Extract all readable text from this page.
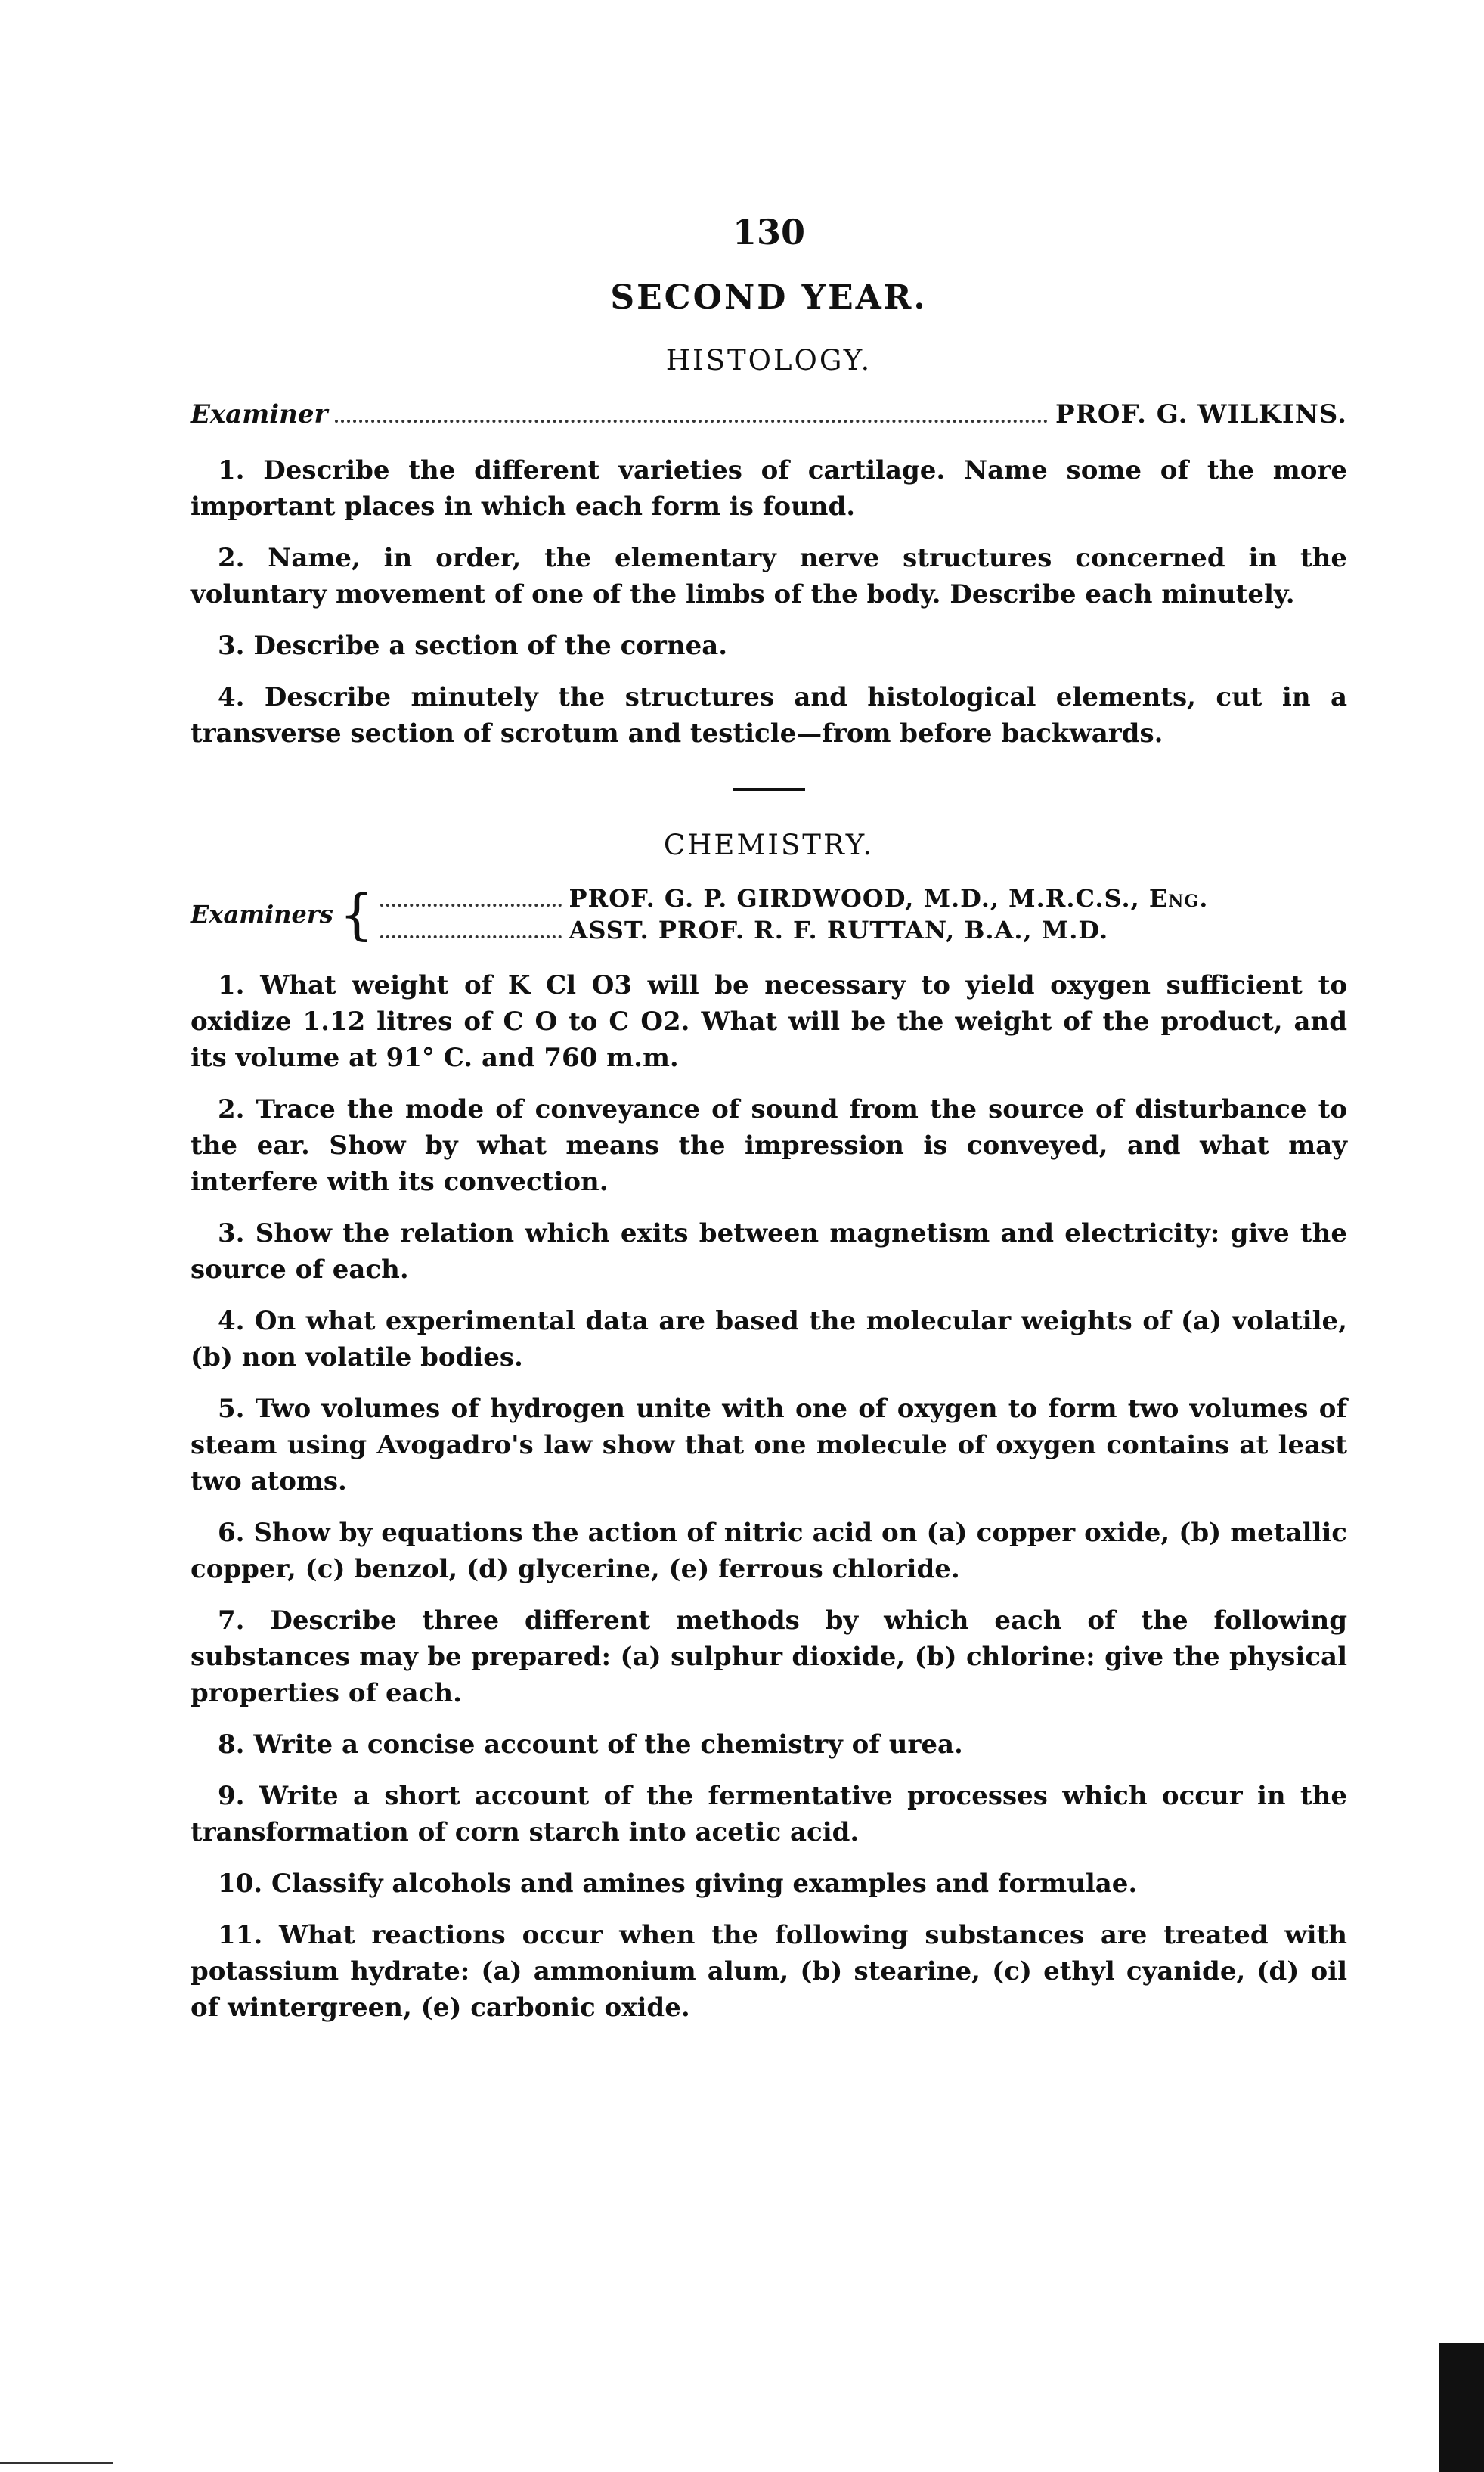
130
SECOND YEAR.
HISTOLOGY.
Examiner	PROF. G. WILKINS.

1. Describe the different varieties of cartilage. Name some of the more important places in which each form is found.

2. Name, in order, the elementary nerve structures concerned in the voluntary movement of one of the limbs of the body. Describe each minutely.

3. Describe a section of the cornea.

4. Describe minutely the structures and histological elements, cut in a transverse section of scrotum and testicle—from before backwards.

CHEMISTRY.
Examiners {	PROF. G. P. GIRDWOOD, M.D., M.R.C.S., Eng.
ASST. PROF. R. F. RUTTAN, B.A., M.D.

1. What weight of K Cl O3 will be necessary to yield oxygen sufficient to oxidize 1.12 litres of C O to C O2. What will be the weight of the product, and its volume at 91° C. and 760 m.m.

2. Trace the mode of conveyance of sound from the source of disturbance to the ear. Show by what means the impression is conveyed, and what may interfere with its convection.

3. Show the relation which exits between magnetism and electricity: give the source of each.

4. On what experimental data are based the molecular weights of (a) volatile, (b) non volatile bodies.

5. Two volumes of hydrogen unite with one of oxygen to form two volumes of steam using Avogadro's law show that one molecule of oxygen contains at least two atoms.

6. Show by equations the action of nitric acid on (a) copper oxide, (b) metallic copper, (c) benzol, (d) glycerine, (e) ferrous chloride.

7. Describe three different methods by which each of the following substances may be prepared: (a) sulphur dioxide, (b) chlorine: give the physical properties of each.

8. Write a concise account of the chemistry of urea.

9. Write a short account of the fermentative processes which occur in the transformation of corn starch into acetic acid.

10. Classify alcohols and amines giving examples and formulae.

11. What reactions occur when the following substances are treated with potassium hydrate: (a) ammonium alum, (b) stearine, (c) ethyl cyanide, (d) oil of wintergreen, (e) carbonic oxide.
